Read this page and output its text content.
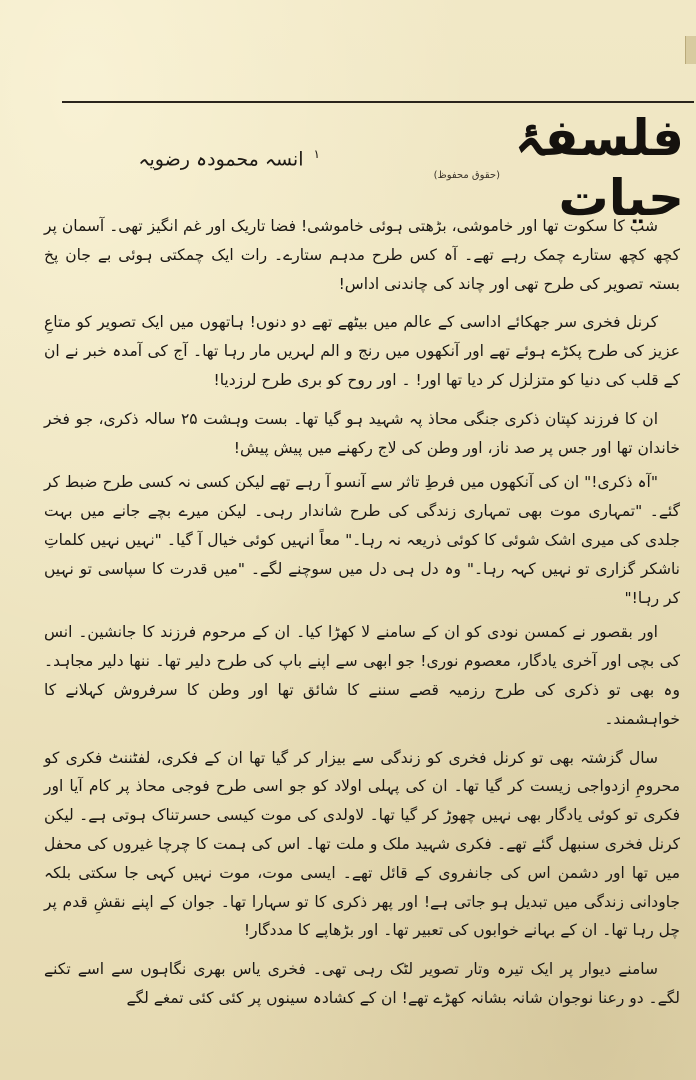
فلسفۂ حیات
(حقوق محفوظ)
$^۱$ انسہ محمودہ رضویہ

شب کا سکوت تھا اور خاموشی، بڑھتی ہوئی خاموشی! فضا تاریک اور غم انگیز تھی۔ آسمان پر کچھ کچھ ستارے چمک رہے تھے۔ آہ کس طرح مدہم ستارے۔ رات ایک چمکتی ہوئی بے جان پخ بستہ تصویر کی طرح تھی اور چاند کی چاندنی اداس!

کرنل فخری سر جھکائے اداسی کے عالم میں بیٹھے تھے دو دنوں! ہاتھوں میں ایک تصویر کو متاعِ عزیز کی طرح پکڑے ہوئے تھے اور آنکھوں میں رنج و الم لہریں مار رہا تھا۔ آج کی آمدہ خبر نے ان کے قلب کی دنیا کو متزلزل کر دیا تھا اور! ۔ اور روح کو بری طرح لرزدیا!

ان کا فرزند کپتان ذکری جنگی محاذ پہ شہید ہو گیا تھا۔ بست وہشت ۲۵ سالہ ذکری، جو فخر خاندان تھا اور جس پر صد ناز، اور وطن کی لاج رکھنے میں پیش پیش!

"آہ ذکری!" ان کی آنکھوں میں فرطِ تاثر سے آنسو آ رہے تھے لیکن کسی نہ کسی طرح ضبط کر گئے۔ "تمہاری موت بھی تمہاری زندگی کی طرح شاندار رہی۔ لیکن میرے بچے جانے میں بہت جلدی کی میری اشک شوئی کا کوئی ذریعہ نہ رہا۔" معاً انہیں کوئی خیال آ گیا۔ "نہیں نہیں کلماتِ ناشکر گزاری تو نہیں کہہ رہا۔" وہ دل ہی دل میں سوچنے لگے۔ "میں قدرت کا سپاسی تو نہیں کر رہا!"

اور بقصور نے کمسن نودی کو ان کے سامنے لا کھڑا کیا۔ ان کے مرحوم فرزند کا جانشین۔ انس کی بچی اور آخری یادگار، معصوم نوری! جو ابھی سے اپنے باپ کی طرح دلیر تھا۔ ننھا دلیر مجاہد۔ وہ بھی تو ذکری کی طرح رزمیہ قصے سننے کا شائق تھا اور وطن کا سرفروش کہلانے کا خواہشمند۔

سال گزشتہ بھی تو کرنل فخری کو زندگی سے بیزار کر گیا تھا ان کے فکری، لفٹننٹ فکری کو محرومِ ازدواجی زیست کر گیا تھا۔ ان کی پہلی اولاد کو جو اسی طرح فوجی محاذ پر کام آیا اور فکری تو کوئی یادگار بھی نہیں چھوڑ کر گیا تھا۔ لاولدی کی موت کیسی حسرتناک ہوتی ہے۔ لیکن کرنل فخری سنبھل گئے تھے۔ فکری شہید ملک و ملت تھا۔ اس کی ہمت کا چرچا غیروں کی محفل میں تھا اور دشمن اس کی جانفروی کے قائل تھے۔ ایسی موت، موت نہیں کہی جا سکتی بلکہ جاودانی زندگی میں تبدیل ہو جاتی ہے! اور پھر ذکری کا تو سہارا تھا۔ جوان کے اپنے نقشِ قدم پر چل رہا تھا۔ ان کے بہانے خوابوں کی تعبیر تھا۔ اور بڑھاپے کا مددگار!

سامنے دیوار پر ایک تیرہ وتار تصویر لٹک رہی تھی۔ فخری یاس بھری نگاہوں سے اسے تکنے لگے۔ دو رعنا نوجوان شانہ بشانہ کھڑے تھے! ان کے کشادہ سینوں پر کئی کئی تمغے لگے
